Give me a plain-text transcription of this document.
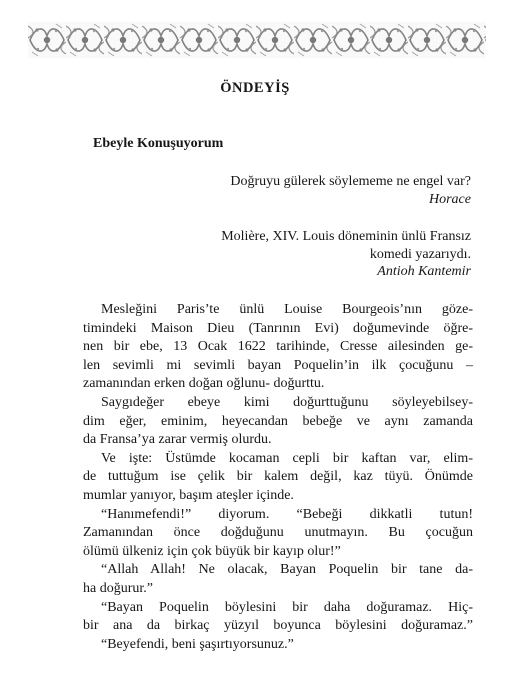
ÖNDEYİŞ
Ebeyle Konuşuyorum
Doğruyu gülerek söylememe ne engel var?
Horace
Molière, XIV. Louis döneminin ünlü Fransız
komedi yazarıydı.
Antioh Kantemir
Mesleğini Paris’te ünlü Louise Bourgeois’nın göze-
timindeki Maison Dieu (Tanrının Evi) doğumevinde öğre-
nen bir ebe, 13 Ocak 1622 tarihinde, Cresse ailesinden ge-
len sevimli mi sevimli bayan Poquelin’in ilk çocuğunu –
zamanından erken doğan oğlunu- doğurttu.
Saygıdeğer ebeye kimi doğurttuğunu söyleyebilsey-
dim eğer, eminim, heyecandan bebeğe ve aynı zamanda
da Fransa’ya zarar vermiş olurdu.
Ve işte: Üstümde kocaman cepli bir kaftan var, elim-
de tuttuğum ise çelik bir kalem değil, kaz tüyü. Önümde
mumlar yanıyor, başım ateşler içinde.
“Hanımefendi!” diyorum. “Bebeği dikkatli tutun!
Zamanından önce doğduğunu unutmayın. Bu çocuğun
ölümü ülkeniz için çok büyük bir kayıp olur!”
“Allah Allah! Ne olacak, Bayan Poquelin bir tane da-
ha doğurur.”
“Bayan Poquelin böylesini bir daha doğuramaz. Hiç-
bir ana da birkaç yüzyıl boyunca böylesini doğuramaz.”
“Beyefendi, beni şaşırtıyorsunuz.”
